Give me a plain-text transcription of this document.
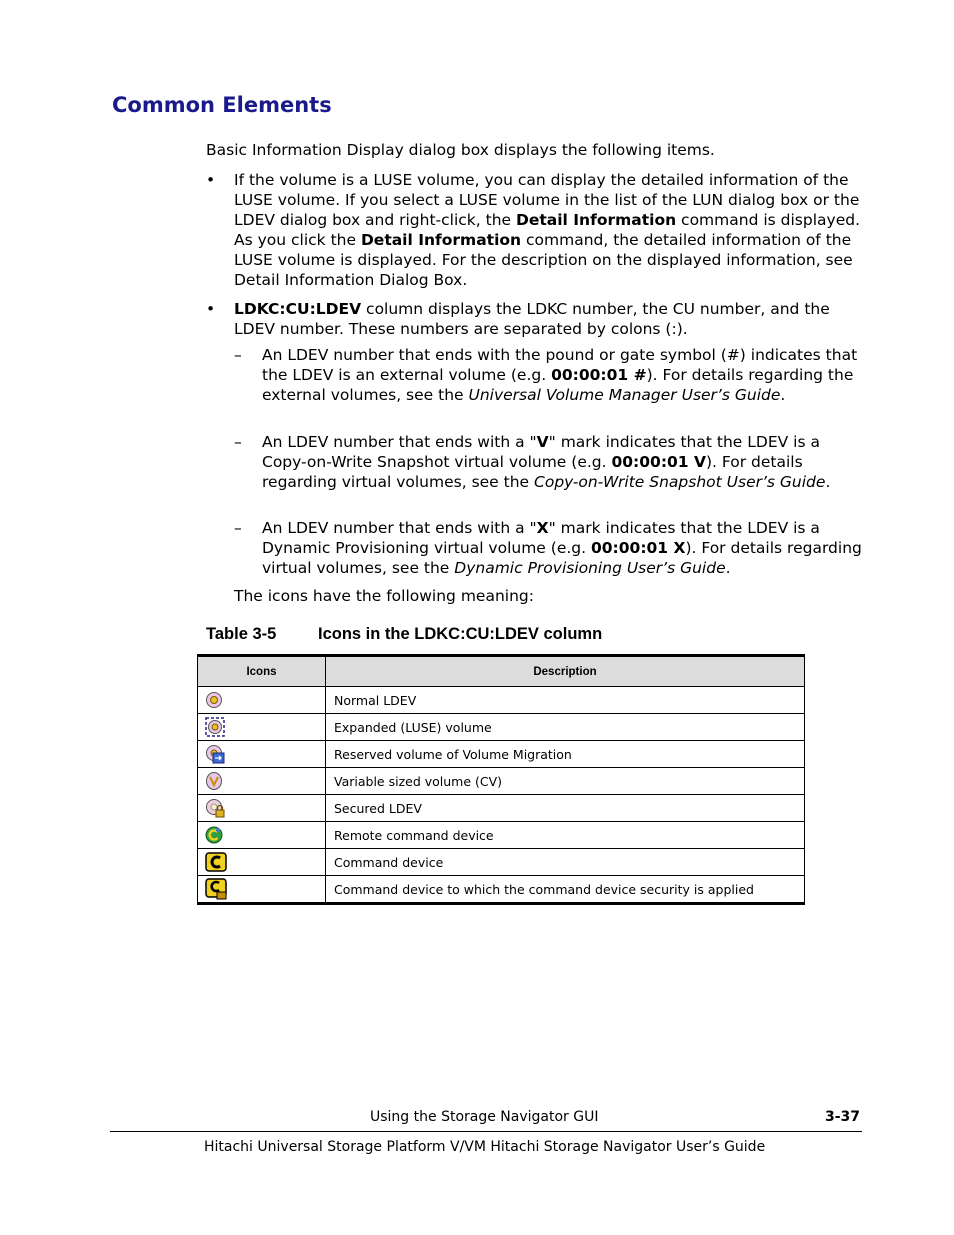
Common Elements
Basic Information Display dialog box displays the following items.
• If the volume is a LUSE volume, you can display the detailed information of the LUSE volume. If you select a LUSE volume in the list of the LUN dialog box or the LDEV dialog box and right-click, the Detail Information command is displayed. As you click the Detail Information command, the detailed information of the LUSE volume is displayed. For the description on the displayed information, see Detail Information Dialog Box.
• LDKC:CU:LDEV column displays the LDKC number, the CU number, and the LDEV number. These numbers are separated by colons (:).
– An LDEV number that ends with the pound or gate symbol (#) indicates that the LDEV is an external volume (e.g. 00:00:01 #). For details regarding the external volumes, see the Universal Volume Manager User’s Guide.
– An LDEV number that ends with a "V" mark indicates that the LDEV is a Copy-on-Write Snapshot virtual volume (e.g. 00:00:01 V). For details regarding virtual volumes, see the Copy-on-Write Snapshot User’s Guide.
– An LDEV number that ends with a "X" mark indicates that the LDEV is a Dynamic Provisioning virtual volume (e.g. 00:00:01 X). For details regarding virtual volumes, see the Dynamic Provisioning User’s Guide.
The icons have the following meaning:
Table 3-5	Icons in the LDKC:CU:LDEV column
Icons	Description
	Normal LDEV
	Expanded (LUSE) volume
	Reserved volume of Volume Migration
	Variable sized volume (CV)
	Secured LDEV
	Remote command device
	Command device
	Command device to which the command device security is applied
Using the Storage Navigator GUI	3-37
Hitachi Universal Storage Platform V/VM Hitachi Storage Navigator User’s Guide
